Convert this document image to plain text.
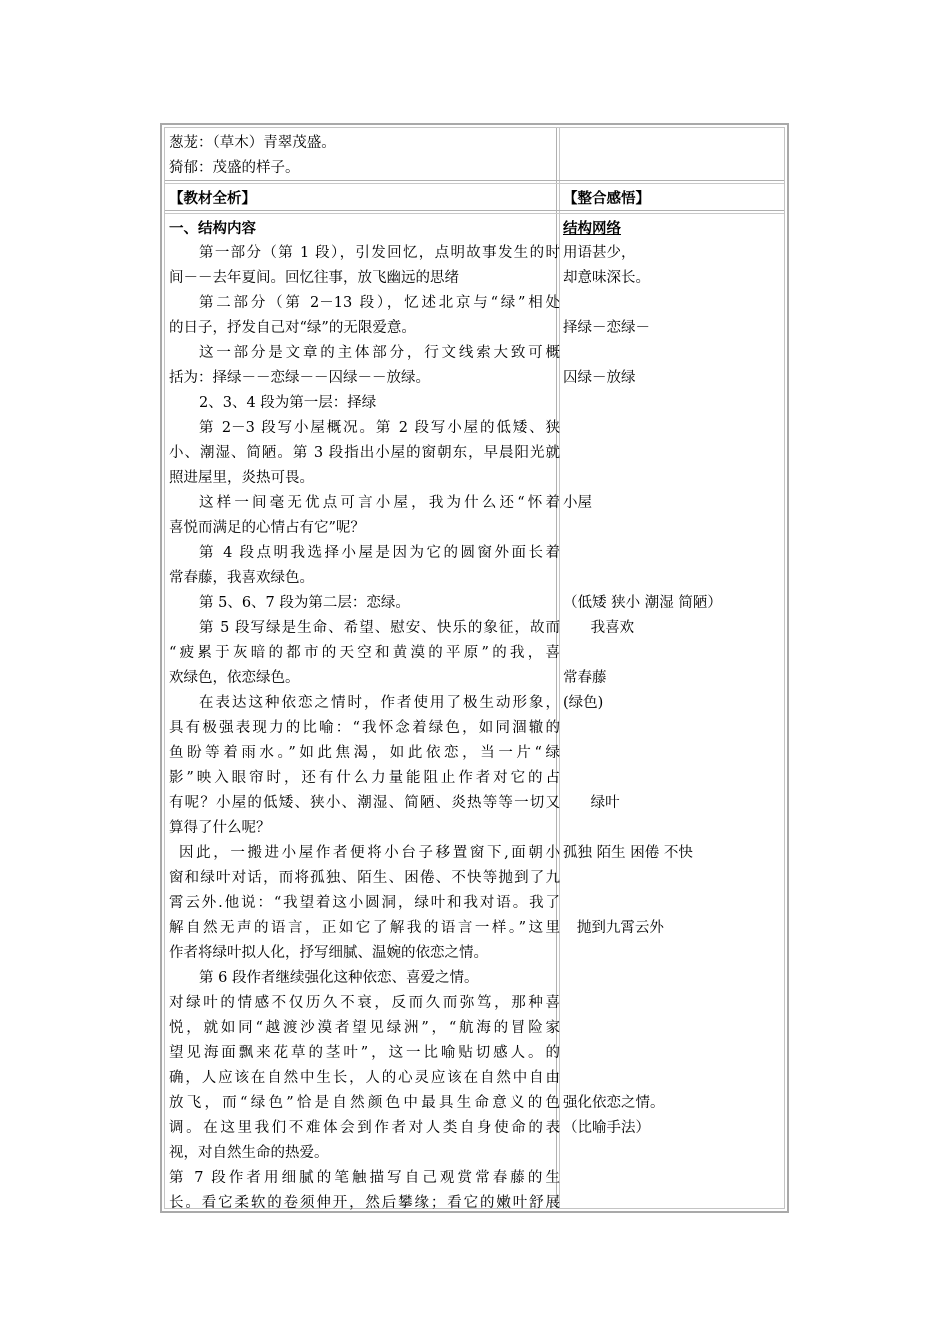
葱茏：（草木）青翠茂盛。
猗郁：茂盛的样子。
【教材全析】	【整合感悟】
一、结构内容
第一部分（第 1 段），引发回忆，点明故事发生的时
间－－去年夏间。回忆往事，放飞幽远的思绪
第二部分（第 2－13 段），忆述北京与“绿”相处
的日子，抒发自己对“绿”的无限爱意。
这一部分是文章的主体部分，行文线索大致可概
括为：择绿－－恋绿－－囚绿－－放绿。
2、3、4 段为第一层：择绿
第 2－3 段写小屋概况。第 2 段写小屋的低矮、狭
小、潮湿、简陋。第 3 段指出小屋的窗朝东，早晨阳光就
照进屋里，炎热可畏。
这样一间毫无优点可言小屋，我为什么还“怀着
喜悦而满足的心情占有它”呢？
第 4 段点明我选择小屋是因为它的圆窗外面长着
常春藤，我喜欢绿色。
第 5、6、7 段为第二层：恋绿。
第 5 段写绿是生命、希望、慰安、快乐的象征，故而
“疲累于灰暗的都市的天空和黄漠的平原”的我，喜
欢绿色，依恋绿色。
在表达这种依恋之情时，作者使用了极生动形象，
具有极强表现力的比喻：“我怀念着绿色，如同涸辙的
鱼盼等着雨水。”如此焦渴，如此依恋，当一片“绿
影”映入眼帘时，还有什么力量能阻止作者对它的占
有呢？小屋的低矮、狭小、潮湿、简陋、炎热等等一切又
算得了什么呢？
因此，一搬进小屋作者便将小台子移置窗下,面朝小
窗和绿叶对话，而将孤独、陌生、困倦、不快等抛到了九
霄云外.他说：“我望着这小圆洞，绿叶和我对语。我了
解自然无声的语言，正如它了解我的语言一样。”这里
作者将绿叶拟人化，抒写细腻、温婉的依恋之情。
第 6 段作者继续强化这种依恋、喜爱之情。
对绿叶的情感不仅历久不衰，反而久而弥笃，那种喜
悦，就如同“越渡沙漠者望见绿洲”，“航海的冒险家
望见海面飘来花草的茎叶”，这一比喻贴切感人。的
确，人应该在自然中生长，人的心灵应该在自然中自由
放飞，而“绿色”恰是自然颜色中最具生命意义的色
调。在这里我们不难体会到作者对人类自身使命的表
视，对自然生命的热爱。
第 7 段作者用细腻的笔触描写自己观赏常春藤的生
长。看它柔软的卷须伸开，然后攀缘；看它的嫩叶舒展
结构网络
用语甚少，
却意味深长。

择绿－恋绿－

囚绿－放绿

小屋

（低矮 狭小 潮湿 简陋）
我喜欢

常春藤
(绿色)

绿叶

孤独 陌生 困倦 不快

抛到九霄云外

强化依恋之情。
（比喻手法）
